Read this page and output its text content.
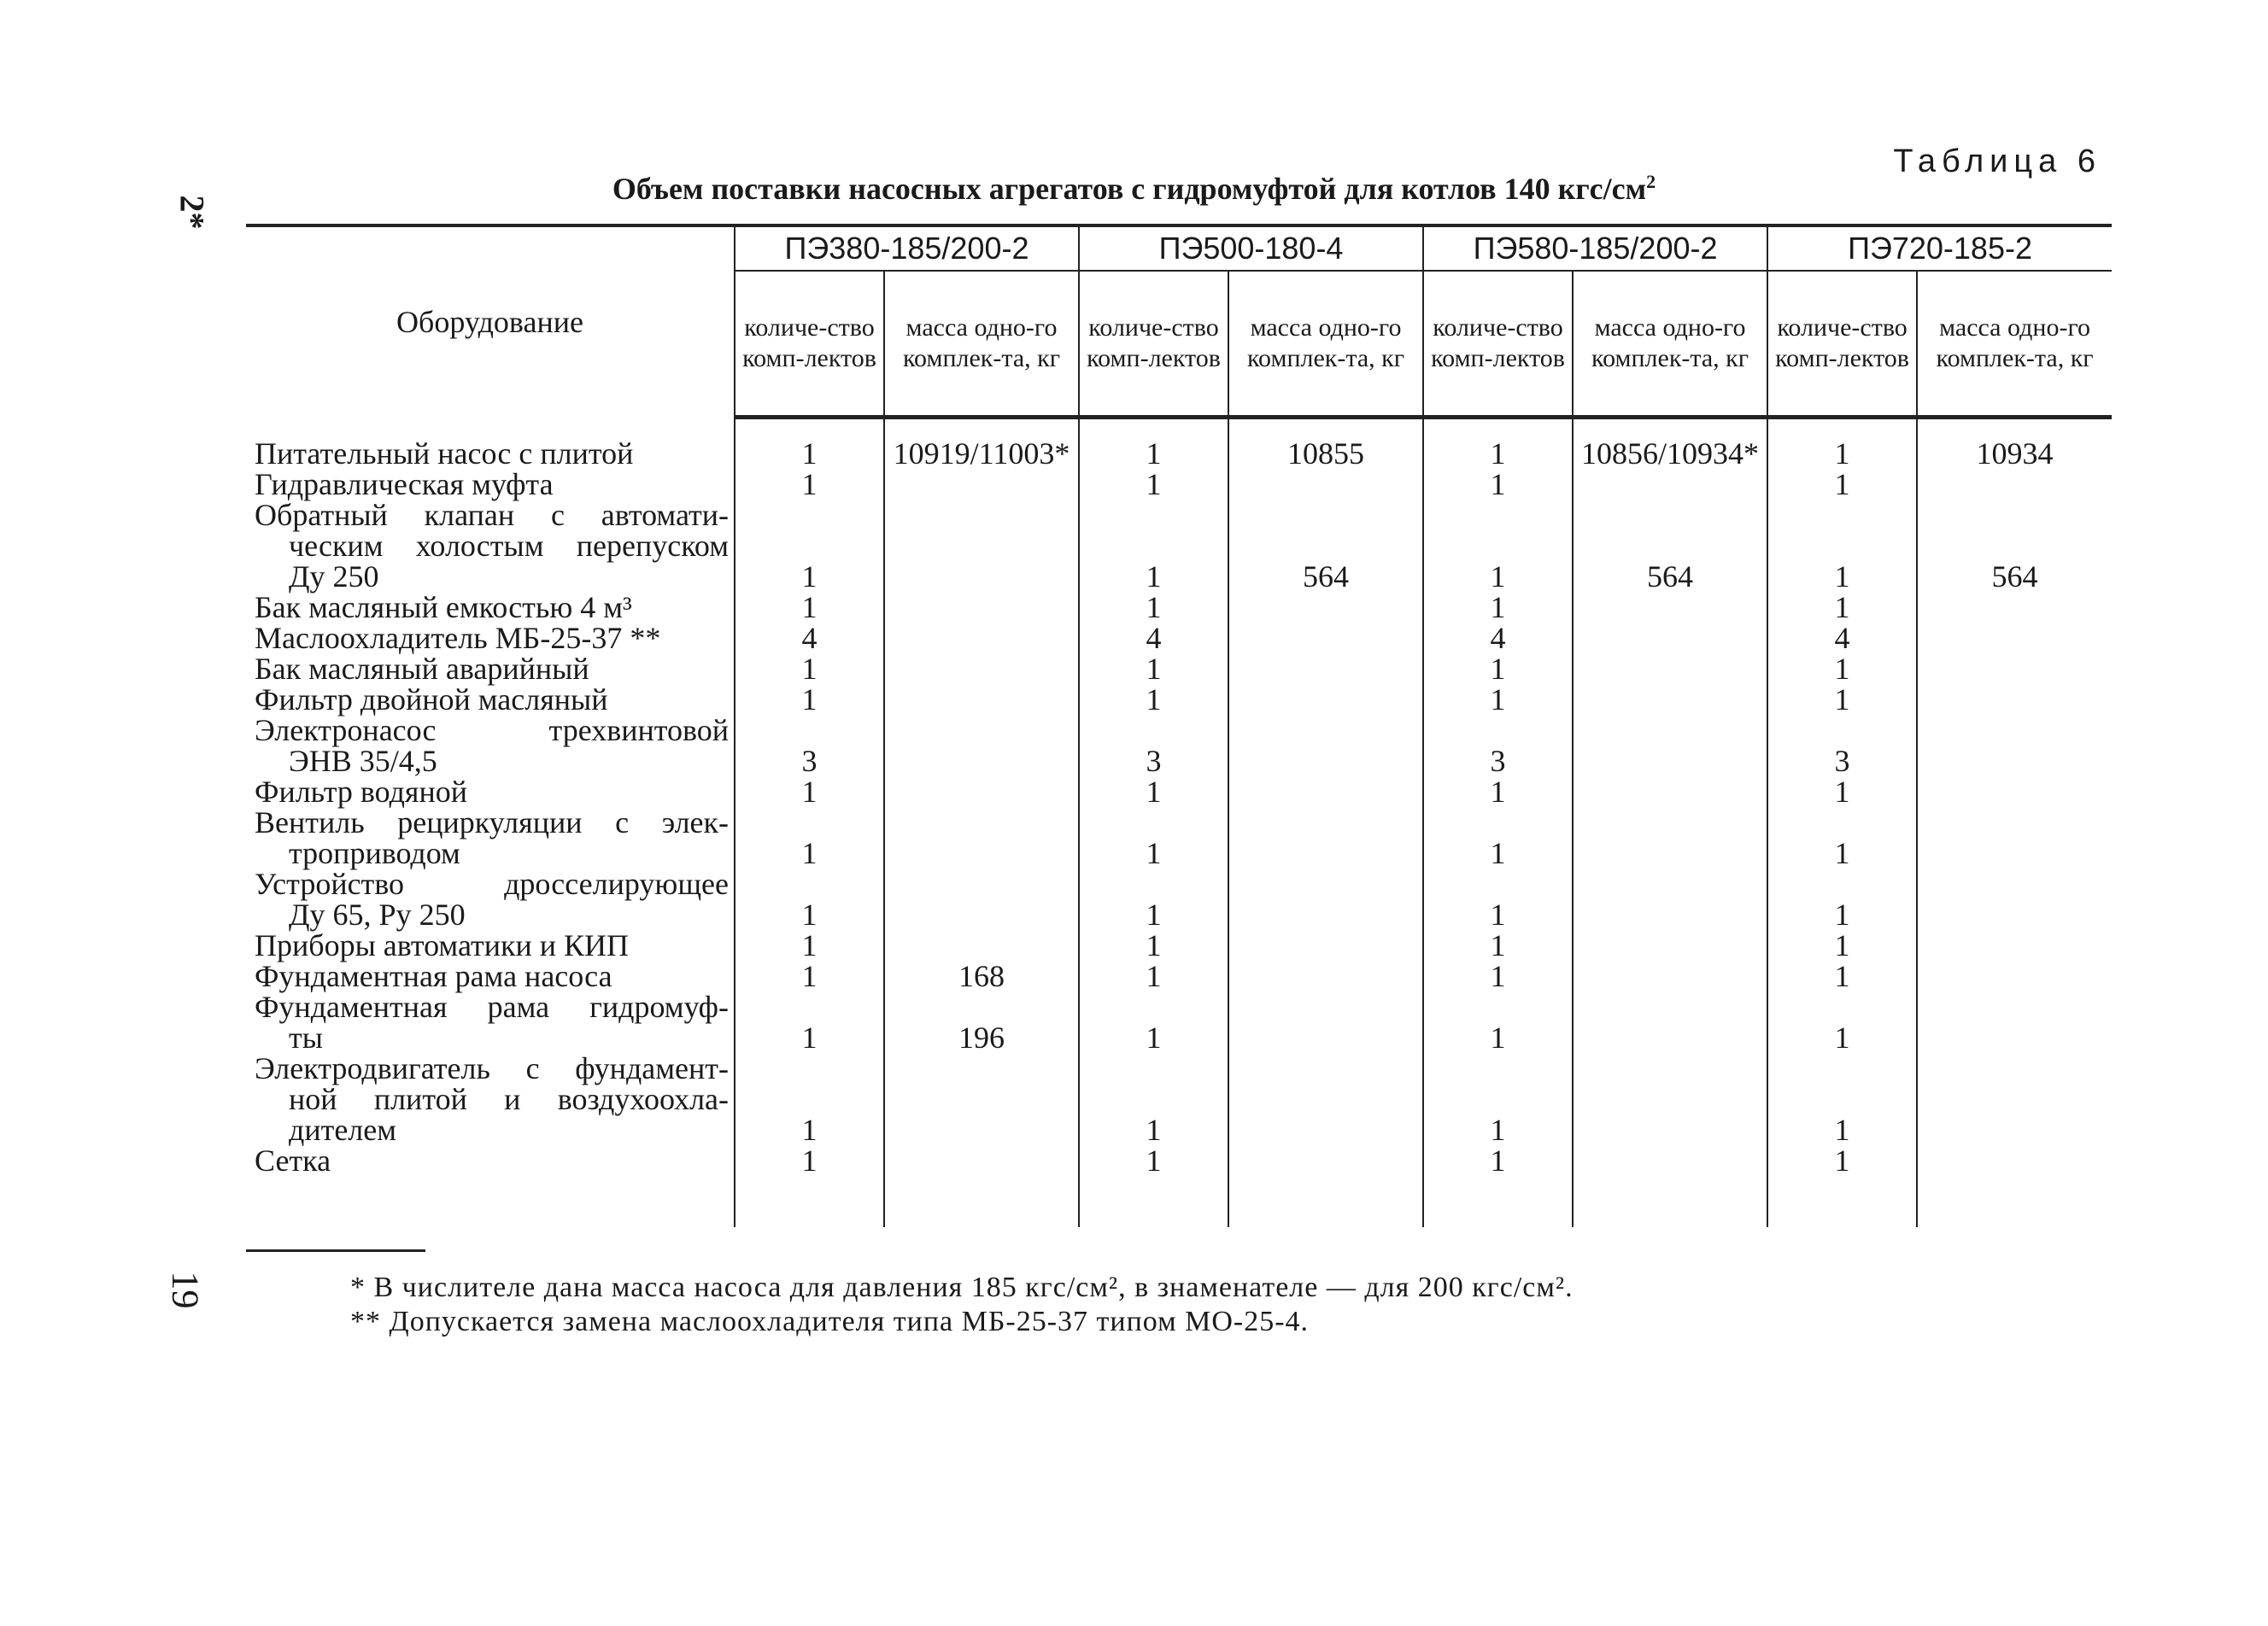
2*
19
Таблица 6
Объем поставки насосных агрегатов с гидромуфтой для котлов 140 кгс/$см^2$
Оборудование	ПЭ380-185/200-2		ПЭ500-180-4		ПЭ580-185/200-2		ПЭ720-185-2	
	количе-ство комп-лектов	масса одно-го комплек-та, кг	количе-ство комп-лектов	масса одно-го комплек-та, кг	количе-ство комп-лектов	масса одно-го комплек-та, кг	количе-ство комп-лектов	масса одно-го комплек-та, кг

Питательный насос с плитой	1	10919/11003*	1	10855	1	10856/10934*	1	10934

Гидравлическая муфта	1		1		1		1	

Обратный клапан с автомати-
ческим холостым перепуском
Ду 250	1		1	564	1	564	1	564

Бак масляный емкостью 4 м³	1		1		1		1	

Маслоохладитель МБ-25-37 **	4		4		4		4	

Бак масляный аварийный	1		1		1		1	

Фильтр двойной масляный	1		1		1		1	

Электронасос трехвинтовой
ЭНВ 35/4,5	3		3		3		3	

Фильтр водяной	1		1		1		1	

Вентиль рециркуляции с элек-
троприводом	1		1		1		1	

Устройство дросселирующее
Ду 65, Ру 250	1		1		1		1	

Приборы автоматики и КИП	1		1		1		1	

Фундаментная рама насоса	1	168	1		1		1	

Фундаментная рама гидромуф-
ты	1	196	1		1		1	

Электродвигатель с фундамент-
ной плитой и воздухоохла-
дителем	1		1		1		1	

Сетка	1		1		1		1	

* В числителе дана масса насоса для давления 185 кгс/см², в знаменателе — для 200 кгс/см².
** Допускается замена маслоохладителя типа МБ-25-37 типом МО-25-4.
